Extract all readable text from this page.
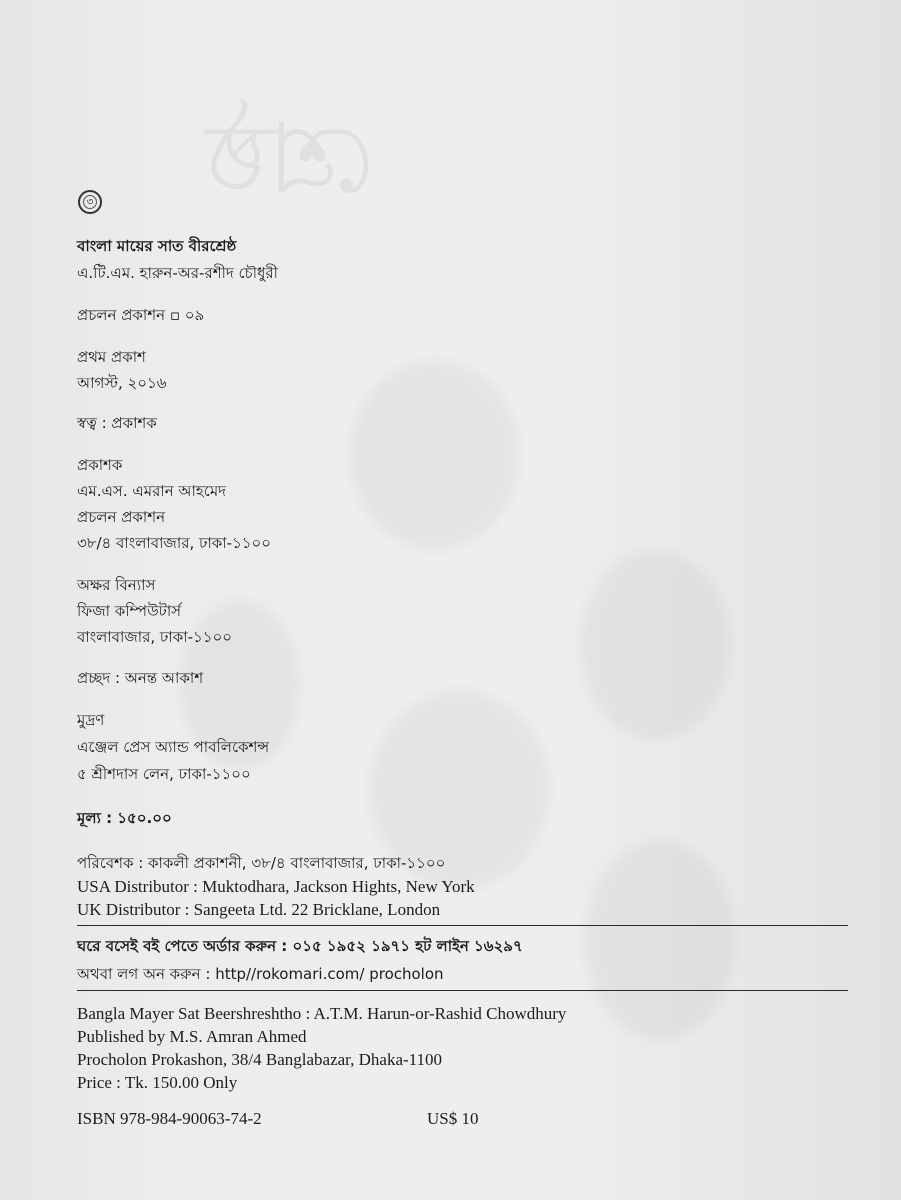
শ্রেষ্ঠ
৩
বাংলা মায়ের সাত বীরশ্রেষ্ঠ
এ.টি.এম. হারুন-অর-রশীদ চৌধুরী
প্রচলন প্রকাশন ▫ ০৯
প্রথম প্রকাশ
আগস্ট, ২০১৬
স্বত্ব : প্রকাশক
প্রকাশক
এম.এস. এমরান আহমেদ
প্রচলন প্রকাশন
৩৮/৪ বাংলাবাজার, ঢাকা-১১০০
অক্ষর বিন্যাস
ফিজা কম্পিউটার্স
বাংলাবাজার, ঢাকা-১১০০
প্রচ্ছদ : অনন্ত আকাশ
মুদ্রণ
এঞ্জেল প্রেস অ্যান্ড পাবলিকেশন্স
৫ শ্রীশদাস লেন, ঢাকা-১১০০
মূল্য : ১৫০.০০
পরিবেশক : কাকলী প্রকাশনী, ৩৮/৪ বাংলাবাজার, ঢাকা-১১০০
USA Distributor : Muktodhara, Jackson Hights, New York
UK Distributor : Sangeeta Ltd. 22 Bricklane, London
ঘরে বসেই বই পেতে অর্ডার করুন : ০১৫ ১৯৫২ ১৯৭১ হট লাইন ১৬২৯৭
অথবা লগ অন করুন : http//rokomari.com/ procholon
Bangla Mayer Sat Beershreshtho : A.T.M. Harun-or-Rashid Chowdhury
Published by M.S. Amran Ahmed
Procholon Prokashon, 38/4 Banglabazar, Dhaka-1100
Price : Tk. 150.00 Only
ISBN 978-984-90063-74-2	US$ 10
